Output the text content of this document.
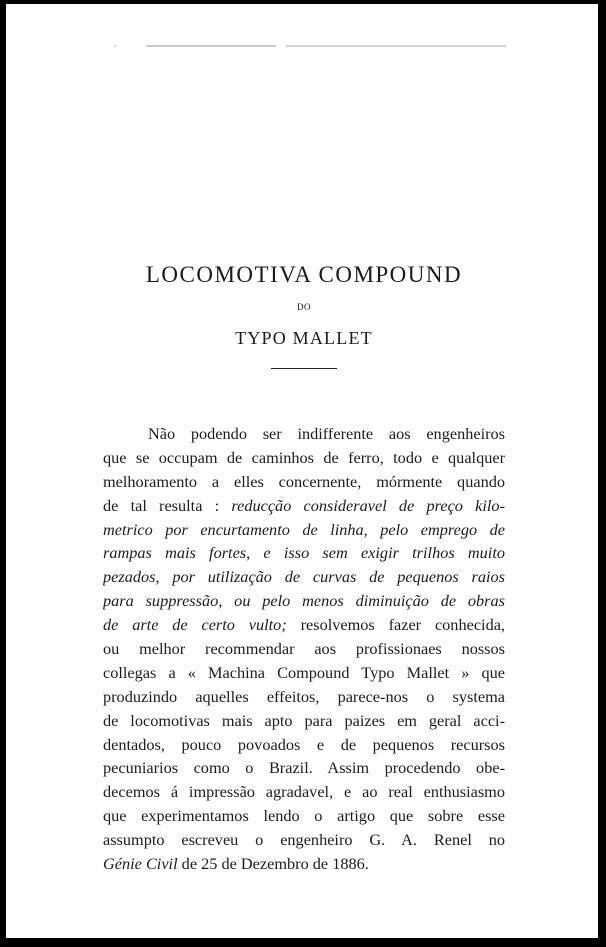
LOCOMOTIVA COMPOUND
DO
TYPO MALLET
Não podendo ser indifferente aos engenheiros
que se occupam de caminhos de ferro, todo e qualquer
melhoramento a elles concernente, mórmente quando
de tal resulta : reducção consideravel de preço kilo-
metrico por encurtamento de linha, pelo emprego de
rampas mais fortes, e isso sem exigir trilhos muito
pezados, por utilização de curvas de pequenos raios
para suppressão, ou pelo menos diminuição de obras
de arte de certo vulto; resolvemos fazer conhecida,
ou melhor recommendar aos profissionaes nossos
collegas a « Machina Compound Typo Mallet » que
produzindo aquelles effeitos, parece-nos o systema
de locomotivas mais apto para paizes em geral acci-
dentados, pouco povoados e de pequenos recursos
pecuniarios como o Brazil. Assim procedendo obe-
decemos á impressão agradavel, e ao real enthusiasmo
que experimentamos lendo o artigo que sobre esse
assumpto escreveu o engenheiro G. A. Renel no
Génie Civil de 25 de Dezembro de 1886.
